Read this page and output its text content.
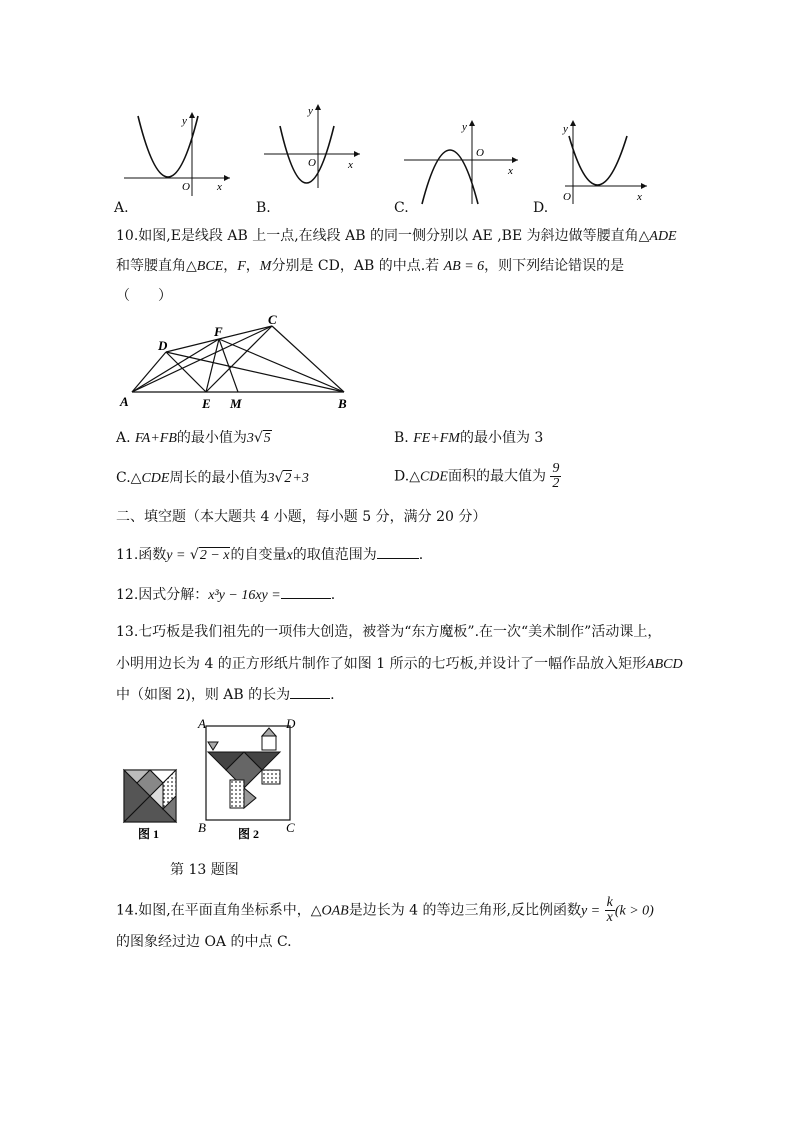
x
y
O
x
y
O
x
y
O
x
y
O
A.	B.	C.	D.
10.如图,E是线段 AB 上一点,在线段 AB 的同一侧分别以 AE ,BE 为斜边做等腰直角△ADE
和等腰直角△BCE，F，M分别是 CD，AB 的中点.若 AB = 6，则下列结论错误的是
（　　）
A	B
C
D
E
F
M
A. FA+FB的最小值为3√5	B. FE+FM的最小值为 3
C.△CDE周长的最小值为3√2+3	D.△CDE面积的最大值为 $\frac{9}{2}$
二、填空题（本大题共 4 小题，每小题 5 分，满分 20 分）
11.函数y = √2 − x的自变量x的取值范围为	.
12.因式分解：x³y − 16xy =	.
13.七巧板是我们祖先的一项伟大创造，被誉为“东方魔板”.在一次“美术制作”活动课上，
小明用边长为 4 的正方形纸片制作了如图 1 所示的七巧板,并设计了一幅作品放入矩形ABCD
中（如图 2)，则 AB 的长为	.
A	D
B	C
图 1	图 2
第 13 题图
14.如图,在平面直角坐标系中，△OAB是边长为 4 的等边三角形,反比例函数$y = \frac{k}{x} (k > 0)$
的图象经过边 OA 的中点 C.
